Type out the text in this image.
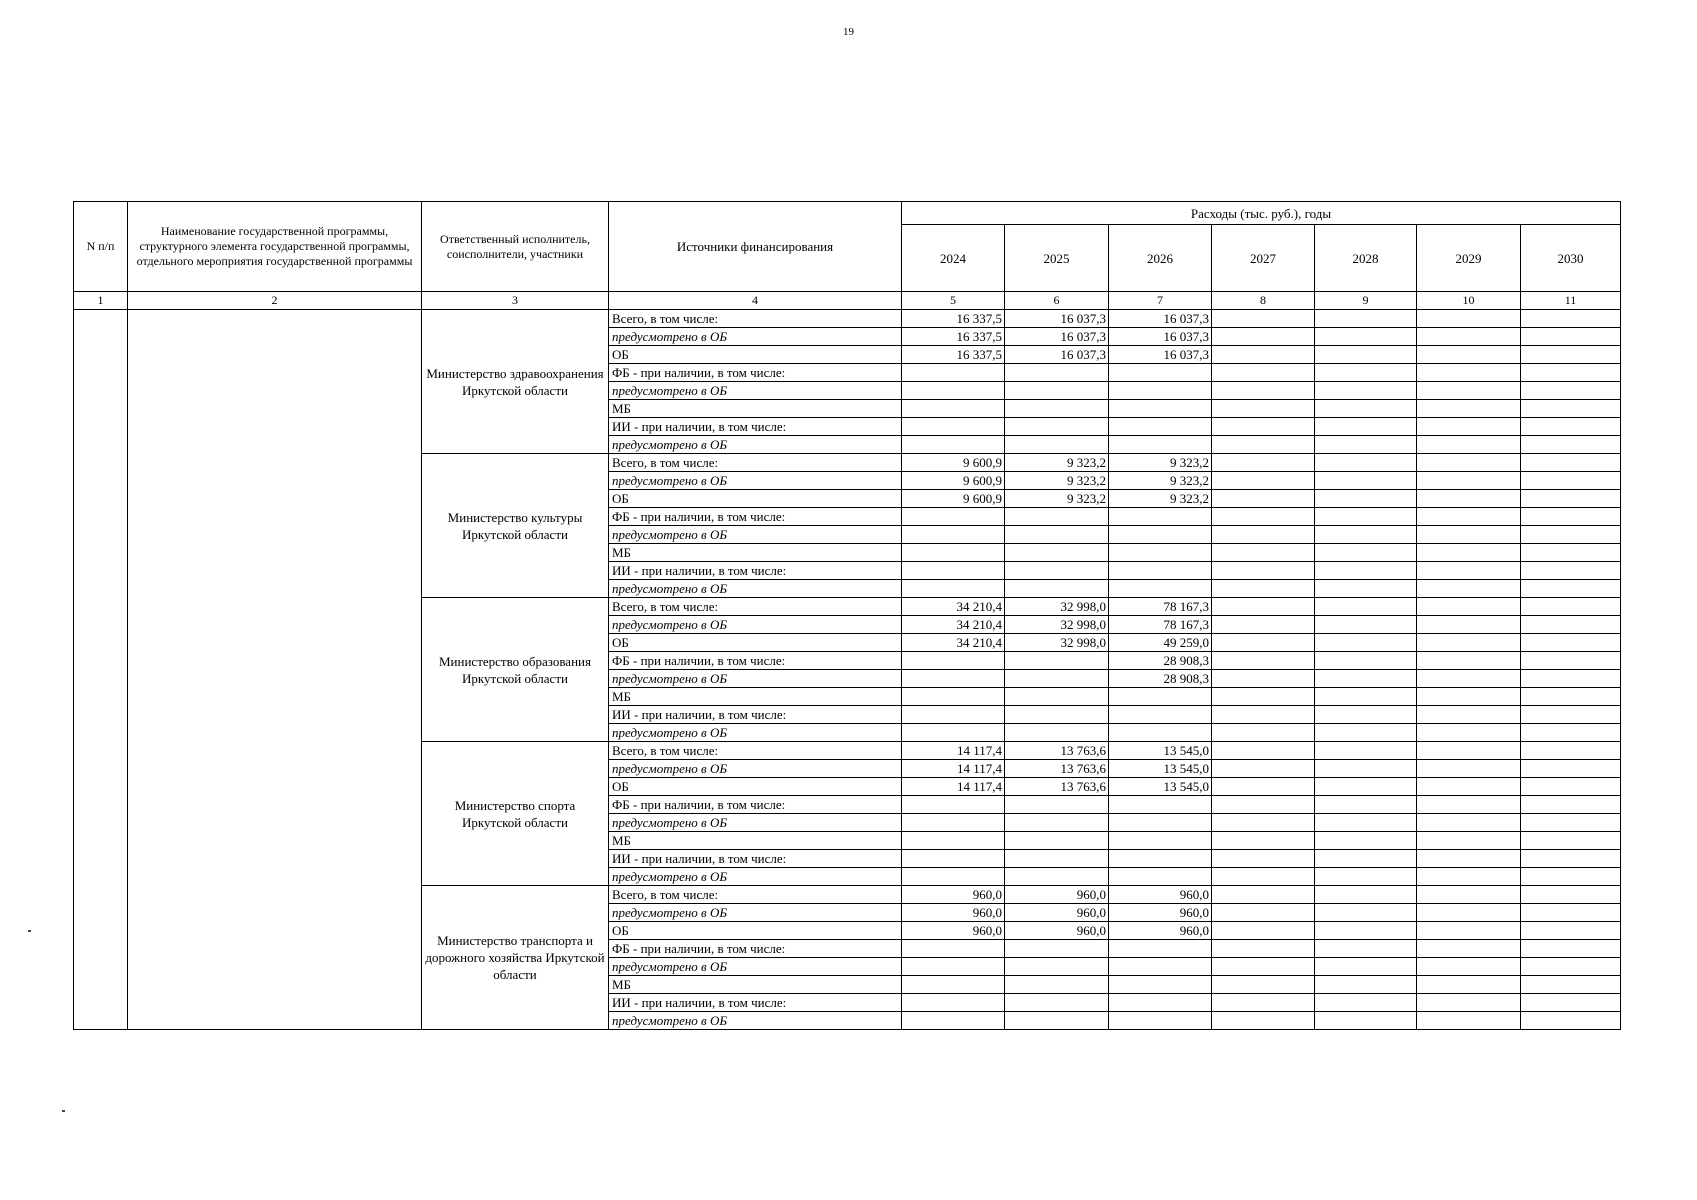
19
N п/п	Наименование государственной программы, структурного элемента государственной программы, отдельного мероприятия государственной программы	Ответственный исполнитель, соисполнители, участники	Источники финансирования	Расходы (тыс. руб.), годы						
				2024	2025	2026	2027	2028	2029	2030
1	2	3	4	5	6	7	8	9	10	11
		Министерство здравоохранения Иркутской области	Всего, в том числе:	16 337,5	16 037,3	16 037,3				
			предусмотрено в ОБ	16 337,5	16 037,3	16 037,3				
			ОБ	16 337,5	16 037,3	16 037,3				
			ФБ - при наличии, в том числе:							
			предусмотрено в ОБ							
			МБ							
			ИИ - при наличии, в том числе:							
			предусмотрено в ОБ							
		Министерство культуры Иркутской области	Всего, в том числе:	9 600,9	9 323,2	9 323,2				
			предусмотрено в ОБ	9 600,9	9 323,2	9 323,2				
			ОБ	9 600,9	9 323,2	9 323,2				
			ФБ - при наличии, в том числе:							
			предусмотрено в ОБ							
			МБ							
			ИИ - при наличии, в том числе:							
			предусмотрено в ОБ							
		Министерство образования Иркутской области	Всего, в том числе:	34 210,4	32 998,0	78 167,3				
			предусмотрено в ОБ	34 210,4	32 998,0	78 167,3				
			ОБ	34 210,4	32 998,0	49 259,0				
			ФБ - при наличии, в том числе:			28 908,3				
			предусмотрено в ОБ			28 908,3				
			МБ							
			ИИ - при наличии, в том числе:							
			предусмотрено в ОБ							
		Министерство спорта Иркутской области	Всего, в том числе:	14 117,4	13 763,6	13 545,0				
			предусмотрено в ОБ	14 117,4	13 763,6	13 545,0				
			ОБ	14 117,4	13 763,6	13 545,0				
			ФБ - при наличии, в том числе:							
			предусмотрено в ОБ							
			МБ							
			ИИ - при наличии, в том числе:							
			предусмотрено в ОБ							
		Министерство транспорта и дорожного хозяйства Иркутской области	Всего, в том числе:	960,0	960,0	960,0				
			предусмотрено в ОБ	960,0	960,0	960,0				
			ОБ	960,0	960,0	960,0				
			ФБ - при наличии, в том числе:							
			предусмотрено в ОБ							
			МБ							
			ИИ - при наличии, в том числе:							
			предусмотрено в ОБ							
